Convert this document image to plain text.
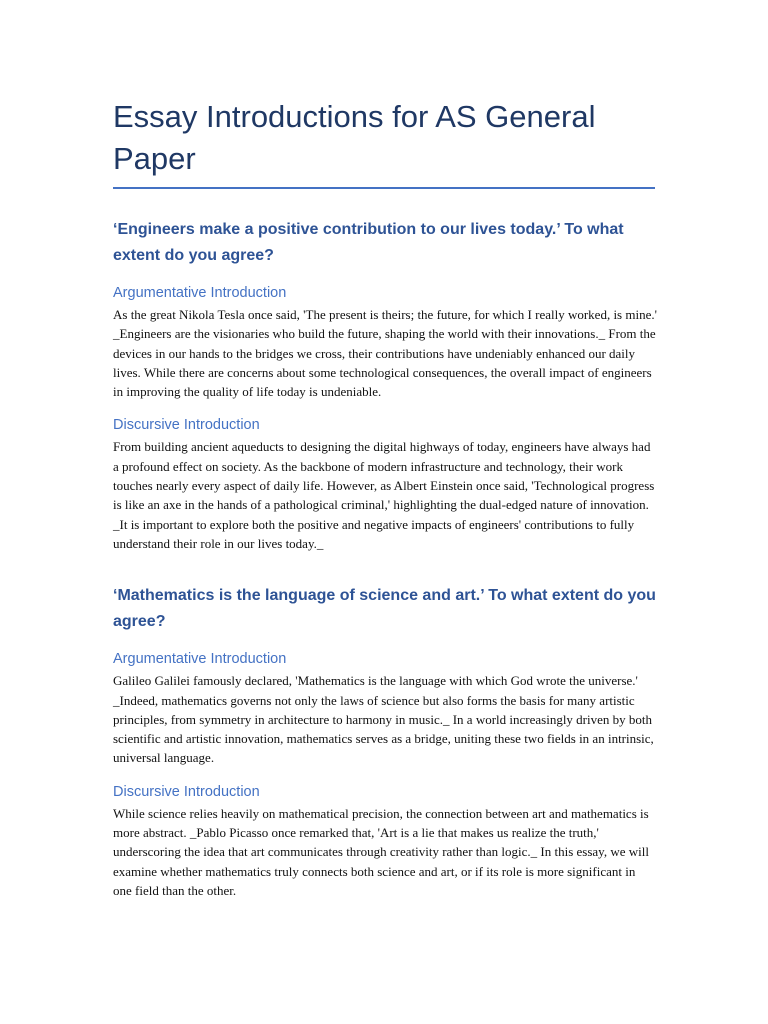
Essay Introductions for AS General Paper
‘Engineers make a positive contribution to our lives today.’ To what extent do you agree?
Argumentative Introduction

As the great Nikola Tesla once said, 'The present is theirs; the future, for which I really worked, is mine.' _Engineers are the visionaries who build the future, shaping the world with their innovations._ From the devices in our hands to the bridges we cross, their contributions have undeniably enhanced our daily lives. While there are concerns about some technological consequences, the overall impact of engineers in improving the quality of life today is undeniable.

Discursive Introduction

From building ancient aqueducts to designing the digital highways of today, engineers have always had a profound effect on society. As the backbone of modern infrastructure and technology, their work touches nearly every aspect of daily life. However, as Albert Einstein once said, 'Technological progress is like an axe in the hands of a pathological criminal,' highlighting the dual-edged nature of innovation. _It is important to explore both the positive and negative impacts of engineers' contributions to fully understand their role in our lives today._

‘Mathematics is the language of science and art.’ To what extent do you agree?
Argumentative Introduction

Galileo Galilei famously declared, 'Mathematics is the language with which God wrote the universe.' _Indeed, mathematics governs not only the laws of science but also forms the basis for many artistic principles, from symmetry in architecture to harmony in music._ In a world increasingly driven by both scientific and artistic innovation, mathematics serves as a bridge, uniting these two fields in an intrinsic, universal language.

Discursive Introduction

While science relies heavily on mathematical precision, the connection between art and mathematics is more abstract. _Pablo Picasso once remarked that, 'Art is a lie that makes us realize the truth,' underscoring the idea that art communicates through creativity rather than logic._ In this essay, we will examine whether mathematics truly connects both science and art, or if its role is more significant in one field than the other.
